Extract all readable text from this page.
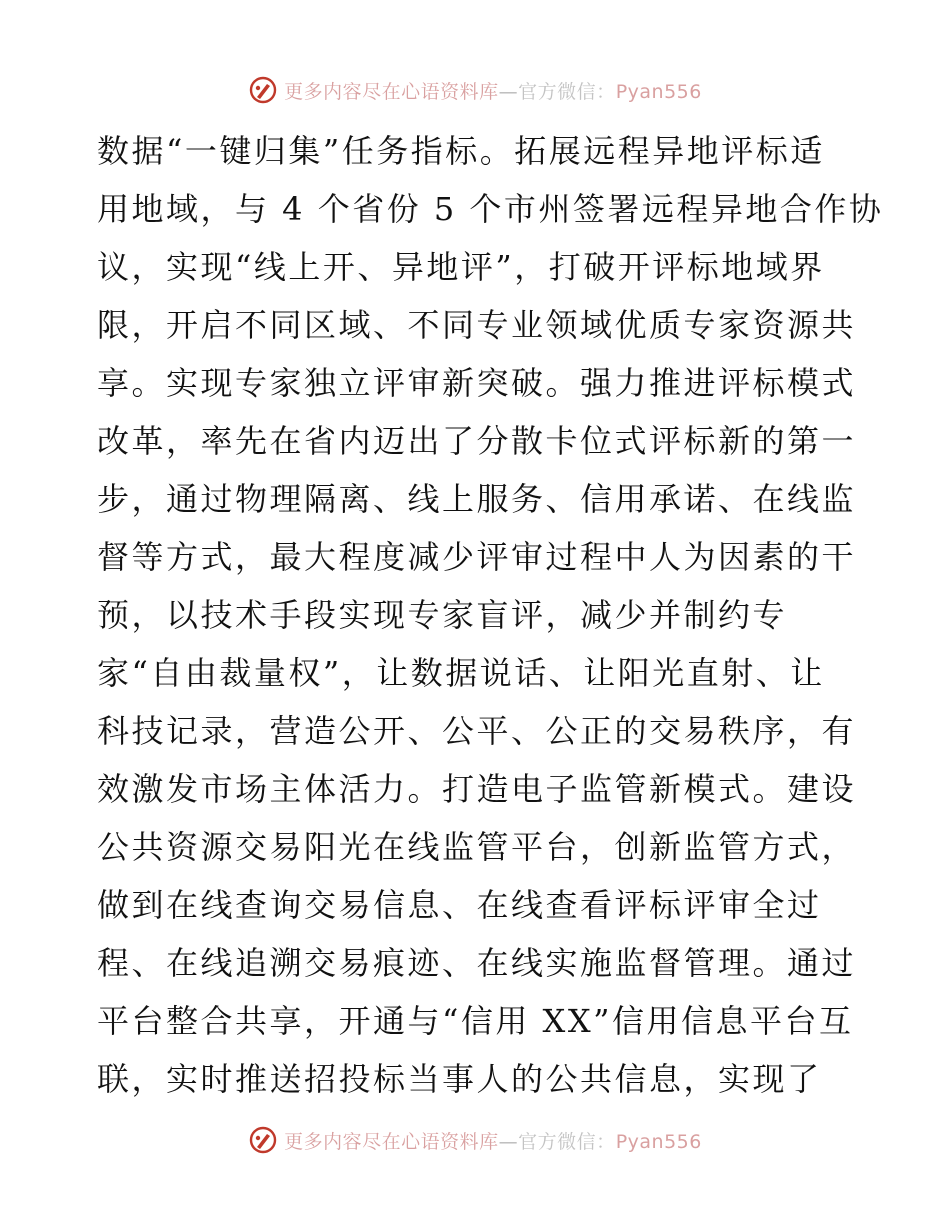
更多内容尽在心语资料库—官方微信：Pyan556
数据“一键归集”任务指标。拓展远程异地评标适
用地域，与 4 个省份 5 个市州签署远程异地合作协
议，实现“线上开、异地评”，打破开评标地域界
限，开启不同区域、不同专业领域优质专家资源共
享。实现专家独立评审新突破。强力推进评标模式
改革，率先在省内迈出了分散卡位式评标新的第一
步，通过物理隔离、线上服务、信用承诺、在线监
督等方式，最大程度减少评审过程中人为因素的干
预，以技术手段实现专家盲评，减少并制约专
家“自由裁量权”，让数据说话、让阳光直射、让
科技记录，营造公开、公平、公正的交易秩序，有
效激发市场主体活力。打造电子监管新模式。建设
公共资源交易阳光在线监管平台，创新监管方式，
做到在线查询交易信息、在线查看评标评审全过
程、在线追溯交易痕迹、在线实施监督管理。通过
平台整合共享，开通与“信用 XX”信用信息平台互
联，实时推送招投标当事人的公共信息，实现了
更多内容尽在心语资料库—官方微信：Pyan556
